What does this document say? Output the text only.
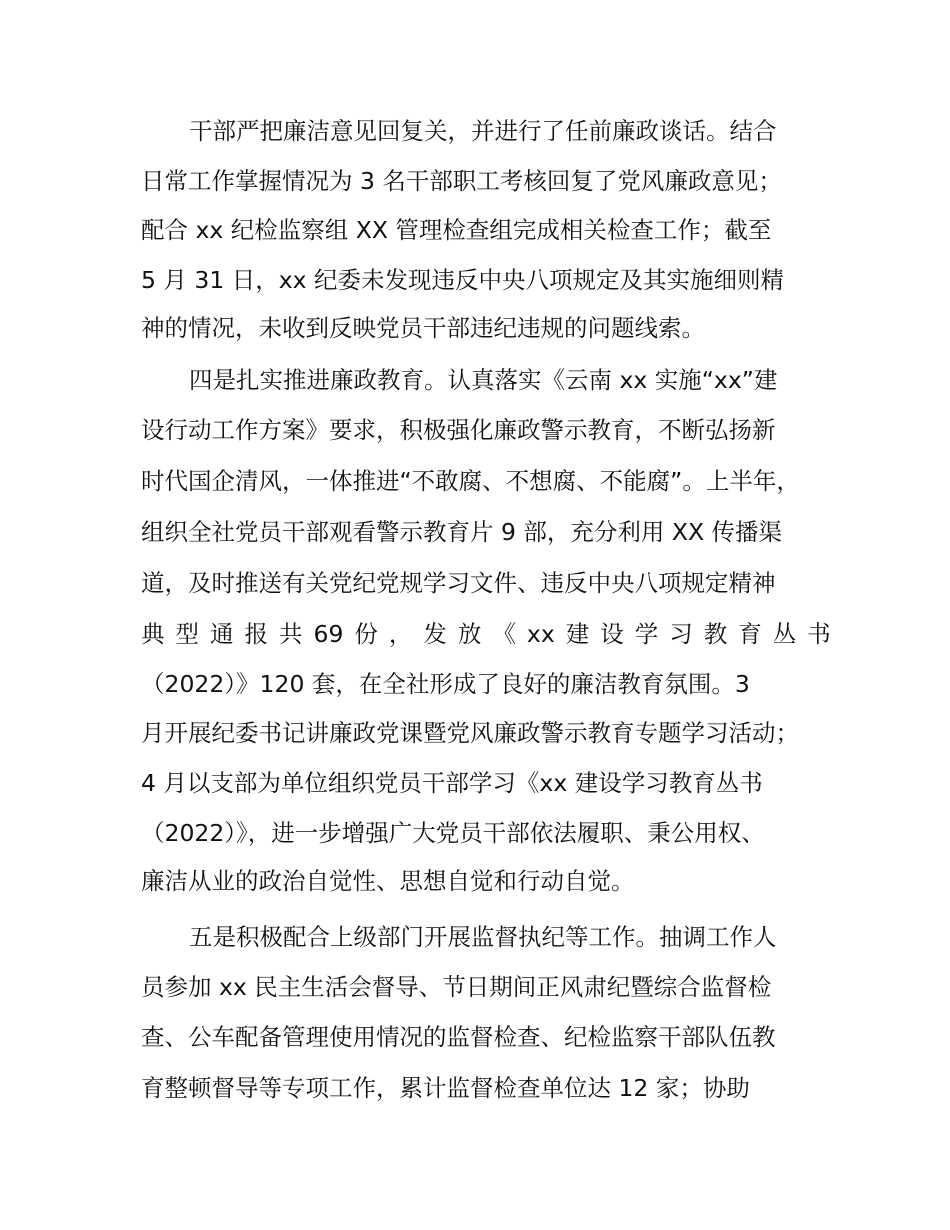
干部严把廉洁意见回复关，并进行了任前廉政谈话。结合
日常工作掌握情况为 3 名干部职工考核回复了党风廉政意见；
配合 xx 纪检监察组 XX 管理检查组完成相关检查工作；截至
5 月 31 日，xx 纪委未发现违反中央八项规定及其实施细则精
神的情况，未收到反映党员干部违纪违规的问题线索。
四是扎实推进廉政教育。认真落实《云南 xx 实施“xx”建
设行动工作方案》要求，积极强化廉政警示教育，不断弘扬新
时代国企清风，一体推进“不敢腐、不想腐、不能腐”。上半年，
组织全社党员干部观看警示教育片 9 部，充分利用 XX 传播渠
道，及时推送有关党纪党规学习文件、违反中央八项规定精神
典 型 通 报 共 69 份 ， 发 放 《 xx 建 设 学 习 教 育 丛 书
（2022）》120 套，在全社形成了良好的廉洁教育氛围。3
月开展纪委书记讲廉政党课暨党风廉政警示教育专题学习活动；
4 月以支部为单位组织党员干部学习《xx 建设学习教育丛书
（2022）》，进一步增强广大党员干部依法履职、秉公用权、
廉洁从业的政治自觉性、思想自觉和行动自觉。
五是积极配合上级部门开展监督执纪等工作。抽调工作人
员参加 xx 民主生活会督导、节日期间正风肃纪暨综合监督检
查、公车配备管理使用情况的监督检查、纪检监察干部队伍教
育整顿督导等专项工作，累计监督检查单位达 12 家；协助
